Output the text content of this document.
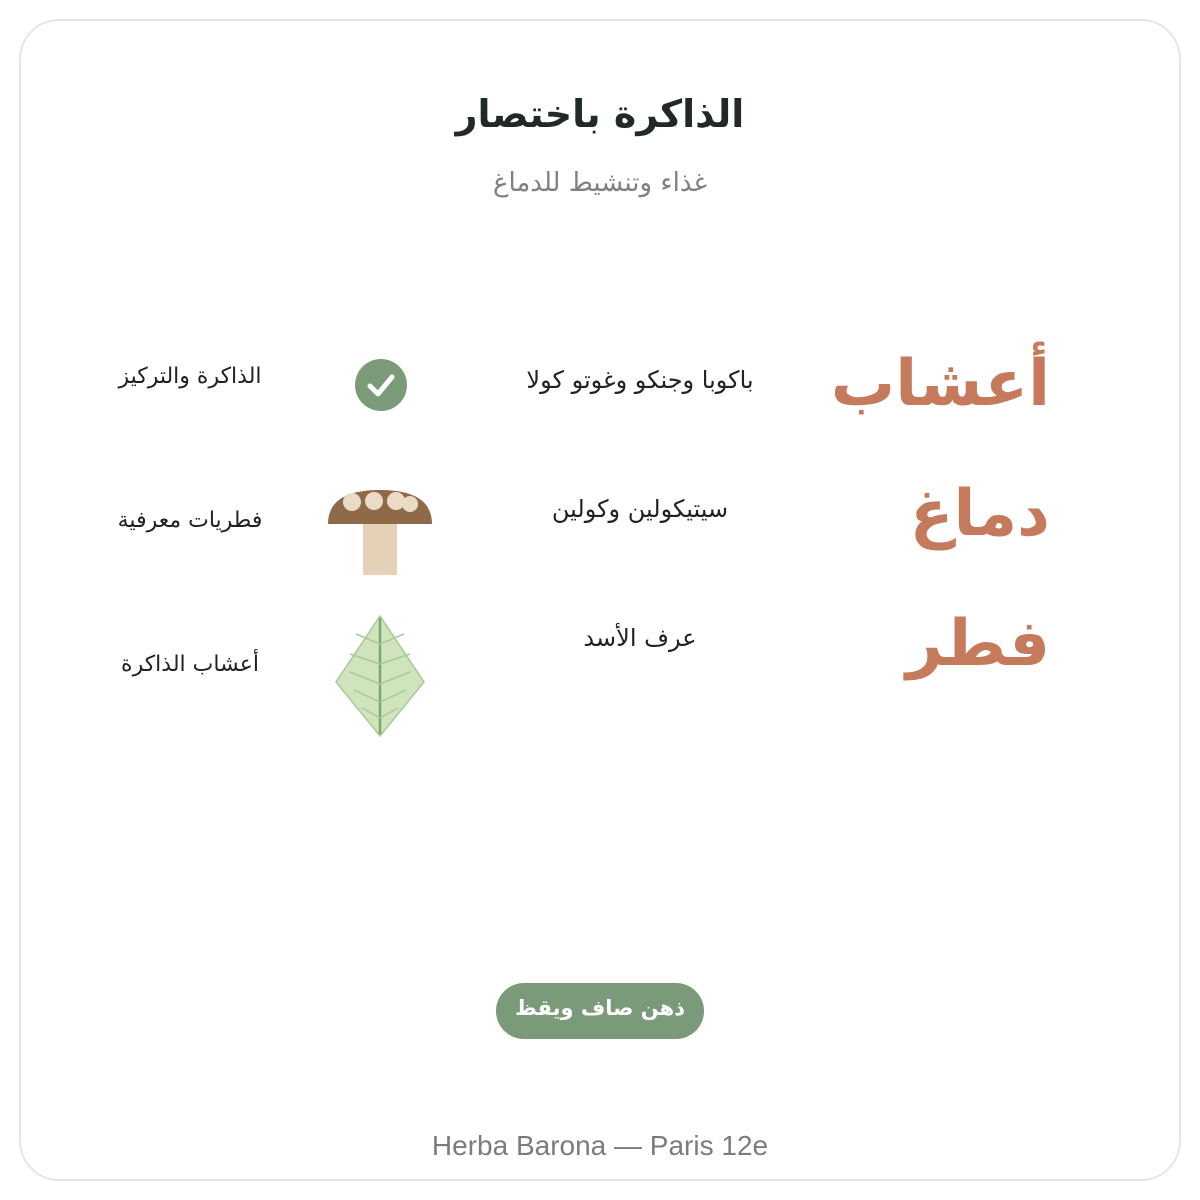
الذاكرة باختصار
غذاء وتنشيط للدماغ
أعشاب
باكوبا وجنكو وغوتو كولا
الذاكرة والتركيز
دماغ
سيتيكولين وكولين
فطريات معرفية
فطر
عرف الأسد
أعشاب الذاكرة
ذهن صاف ويقظ
Herba Barona — Paris 12e
